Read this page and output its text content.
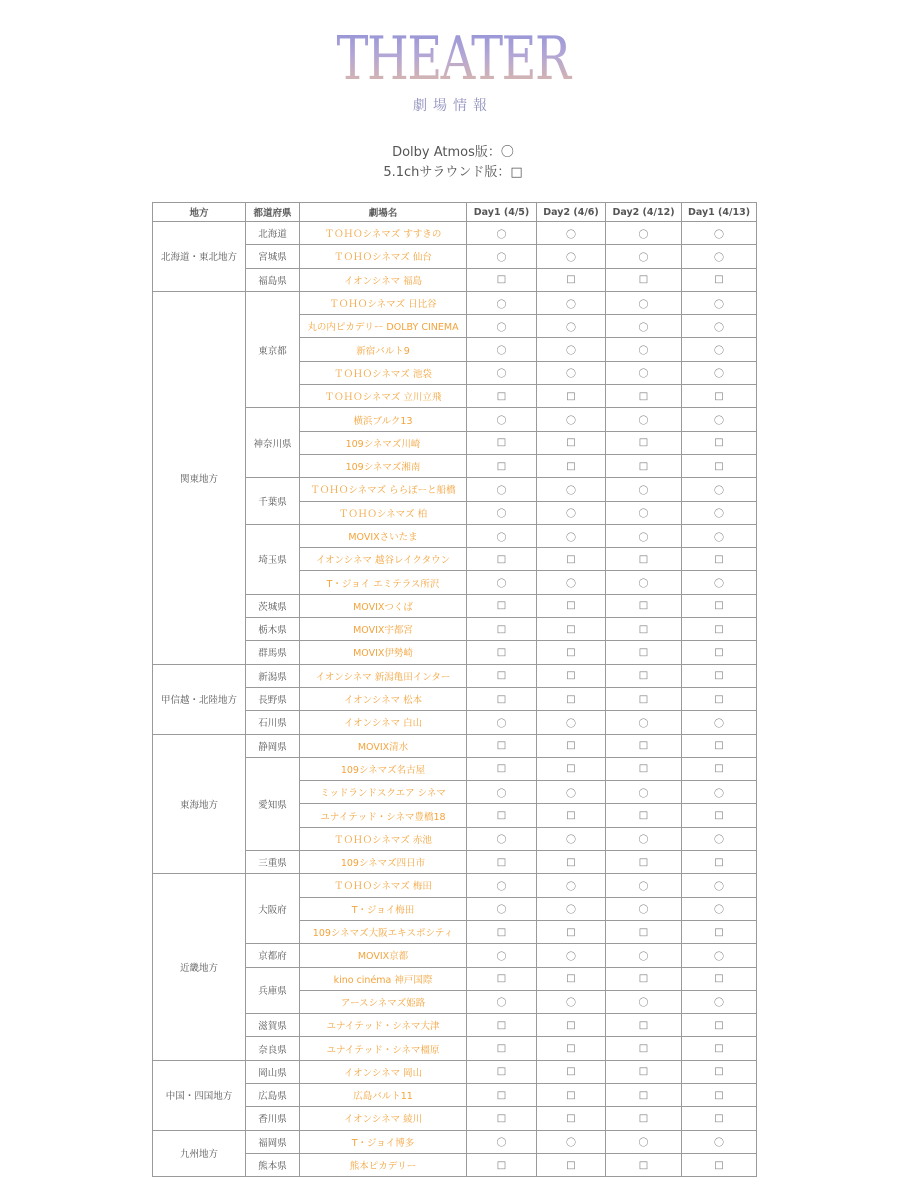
THEATER
劇場情報
Dolby Atmos版：〇
5.1chサラウンド版：□
地方	都道府県	劇場名	Day1 (4/5)	Day2 (4/6)	Day2 (4/12)	Day1 (4/13)
北海道・東北地方	北海道	ＴＯＨＯシネマズ すすきの	〇	〇	〇	〇
	宮城県	ＴＯＨＯシネマズ 仙台	〇	〇	〇	〇
	福島県	イオンシネマ 福島	□	□	□	□
関東地方	東京都	ＴＯＨＯシネマズ 日比谷	〇	〇	〇	〇
		丸の内ピカデリー DOLBY CINEMA	〇	〇	〇	〇
		新宿バルト9	〇	〇	〇	〇
		ＴＯＨＯシネマズ 池袋	〇	〇	〇	〇
		ＴＯＨＯシネマズ 立川立飛	□	□	□	□
	神奈川県	横浜ブルク13	〇	〇	〇	〇
		109シネマズ川崎	□	□	□	□
		109シネマズ湘南	□	□	□	□
	千葉県	ＴＯＨＯシネマズ ららぽーと船橋	〇	〇	〇	〇
		ＴＯＨＯシネマズ 柏	〇	〇	〇	〇
	埼玉県	MOVIXさいたま	〇	〇	〇	〇
		イオンシネマ 越谷レイクタウン	□	□	□	□
		T・ジョイ エミテラス所沢	〇	〇	〇	〇
	茨城県	MOVIXつくば	□	□	□	□
	栃木県	MOVIX宇都宮	□	□	□	□
	群馬県	MOVIX伊勢崎	□	□	□	□
甲信越・北陸地方	新潟県	イオンシネマ 新潟亀田インター	□	□	□	□
	長野県	イオンシネマ 松本	□	□	□	□
	石川県	イオンシネマ 白山	〇	〇	〇	〇
東海地方	静岡県	MOVIX清水	□	□	□	□
	愛知県	109シネマズ名古屋	□	□	□	□
		ミッドランドスクエア シネマ	〇	〇	〇	〇
		ユナイテッド・シネマ豊橋18	□	□	□	□
		ＴＯＨＯシネマズ 赤池	〇	〇	〇	〇
	三重県	109シネマズ四日市	□	□	□	□
近畿地方	大阪府	ＴＯＨＯシネマズ 梅田	〇	〇	〇	〇
		T・ジョイ梅田	〇	〇	〇	〇
		109シネマズ大阪エキスポシティ	□	□	□	□
	京都府	MOVIX京都	〇	〇	〇	〇
	兵庫県	kino cinéma 神戸国際	□	□	□	□
		アースシネマズ姫路	〇	〇	〇	〇
	滋賀県	ユナイテッド・シネマ大津	□	□	□	□
	奈良県	ユナイテッド・シネマ橿原	□	□	□	□
中国・四国地方	岡山県	イオンシネマ 岡山	□	□	□	□
	広島県	広島バルト11	□	□	□	□
	香川県	イオンシネマ 綾川	□	□	□	□
九州地方	福岡県	T・ジョイ博多	〇	〇	〇	〇
	熊本県	熊本ピカデリー	□	□	□	□
